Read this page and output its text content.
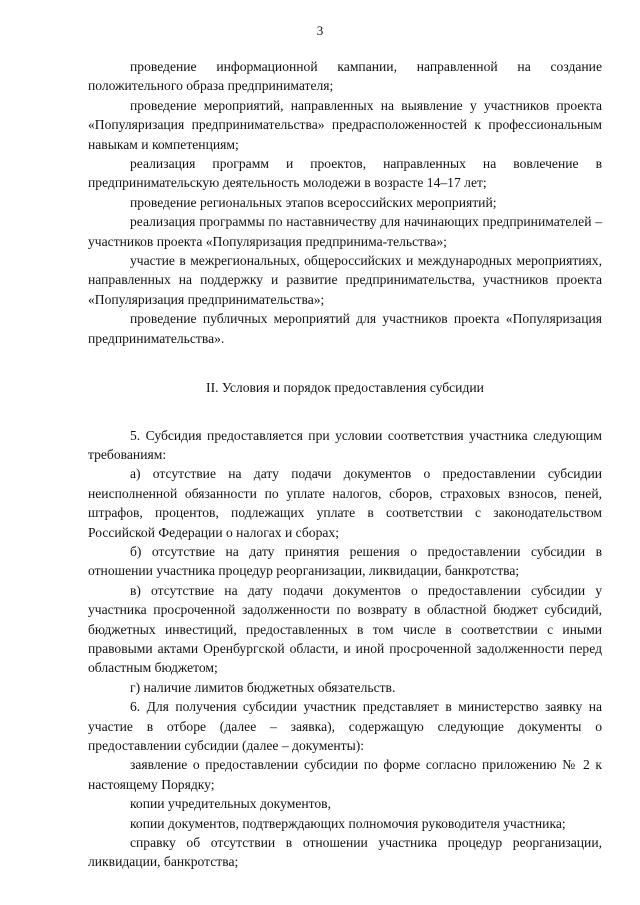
3

проведение информационной кампании, направленной на создание положительного образа предпринимателя;

проведение мероприятий, направленных на выявление у участников проекта «Популяризация предпринимательства» предрасположенностей к профессиональным навыкам и компетенциям;

реализация программ и проектов, направленных на вовлечение в предпринимательскую деятельность молодежи в возрасте 14–17 лет;

проведение региональных этапов всероссийских мероприятий;

реализация программы по наставничеству для начинающих предпринимателей – участников проекта «Популяризация предпринима-тельства»;

участие в межрегиональных, общероссийских и международных мероприятиях, направленных на поддержку и развитие предпринимательства, участников проекта «Популяризация предпринимательства»;

проведение публичных мероприятий для участников проекта «Популяризация предпринимательства».

II. Условия и порядок предоставления субсидии

5. Субсидия предоставляется при условии соответствия участника следующим требованиям:

а) отсутствие на дату подачи документов о предоставлении субсидии неисполненной обязанности по уплате налогов, сборов, страховых взносов, пеней, штрафов, процентов, подлежащих уплате в соответствии с законодательством Российской Федерации о налогах и сборах;

б) отсутствие на дату принятия решения о предоставлении субсидии в отношении участника процедур реорганизации, ликвидации, банкротства;

в) отсутствие на дату подачи документов о предоставлении субсидии у участника просроченной задолженности по возврату в областной бюджет субсидий, бюджетных инвестиций, предоставленных в том числе в соответствии с иными правовыми актами Оренбургской области, и иной просроченной задолженности перед областным бюджетом;

г) наличие лимитов бюджетных обязательств.

6. Для получения субсидии участник представляет в министерство заявку на участие в отборе (далее – заявка), содержащую следующие документы о предоставлении субсидии (далее – документы):

заявление о предоставлении субсидии по форме согласно приложению № 2 к настоящему Порядку;

копии учредительных документов,

копии документов, подтверждающих полномочия руководителя участника;

справку об отсутствии в отношении участника процедур реорганизации, ликвидации, банкротства;
